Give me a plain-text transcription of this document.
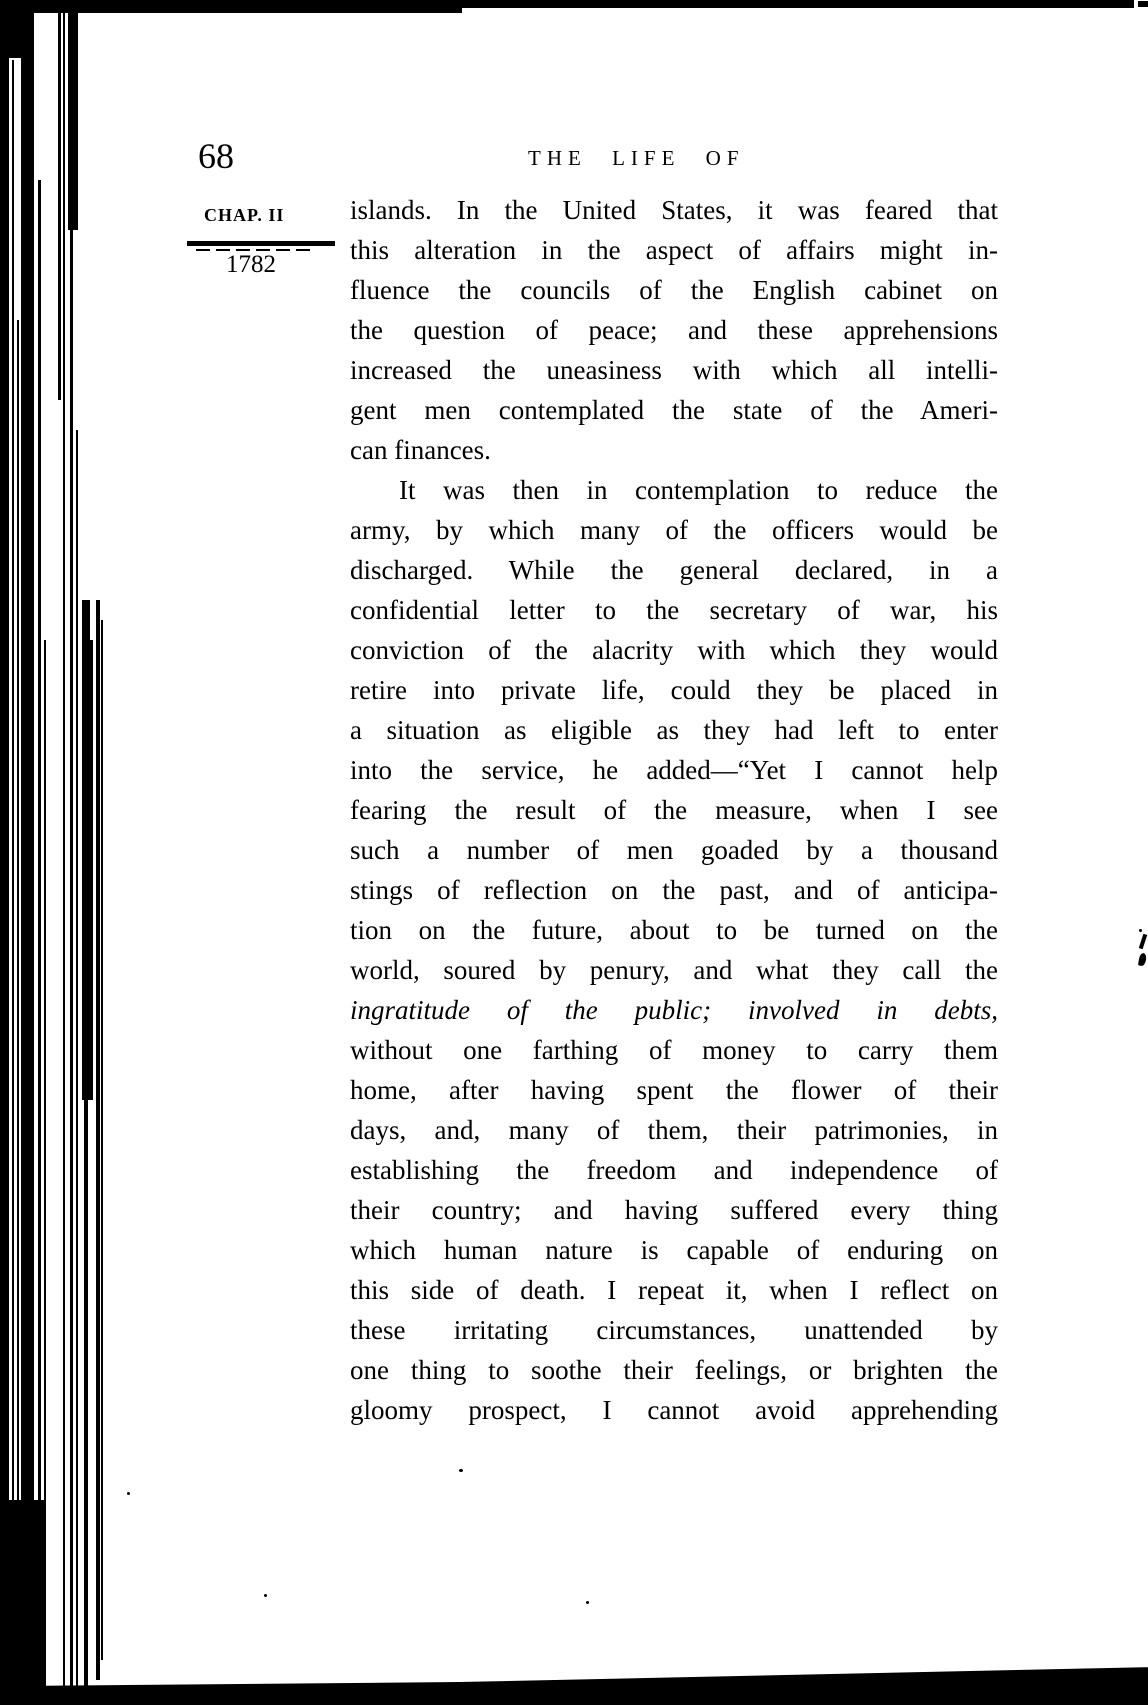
68	THE LIFE OF
CHAP. II
1782
islands. In the United States, it was feared that
this alteration in the aspect of affairs might in-
fluence the councils of the English cabinet on
the question of peace; and these apprehensions
increased the uneasiness with which all intelli-
gent men contemplated the state of the Ameri-
can finances.
It was then in contemplation to reduce the
army, by which many of the officers would be
discharged. While the general declared, in a
confidential letter to the secretary of war, his
conviction of the alacrity with which they would
retire into private life, could they be placed in
a situation as eligible as they had left to enter
into the service, he added—“Yet I cannot help
fearing the result of the measure, when I see
such a number of men goaded by a thousand
stings of reflection on the past, and of anticipa-
tion on the future, about to be turned on the
world, soured by penury, and what they call the
ingratitude of the public; involved in debts,
without one farthing of money to carry them
home, after having spent the flower of their
days, and, many of them, their patrimonies, in
establishing the freedom and independence of
their country; and having suffered every thing
which human nature is capable of enduring on
this side of death. I repeat it, when I reflect on
these irritating circumstances, unattended by
one thing to soothe their feelings, or brighten the
gloomy prospect, I cannot avoid apprehending
